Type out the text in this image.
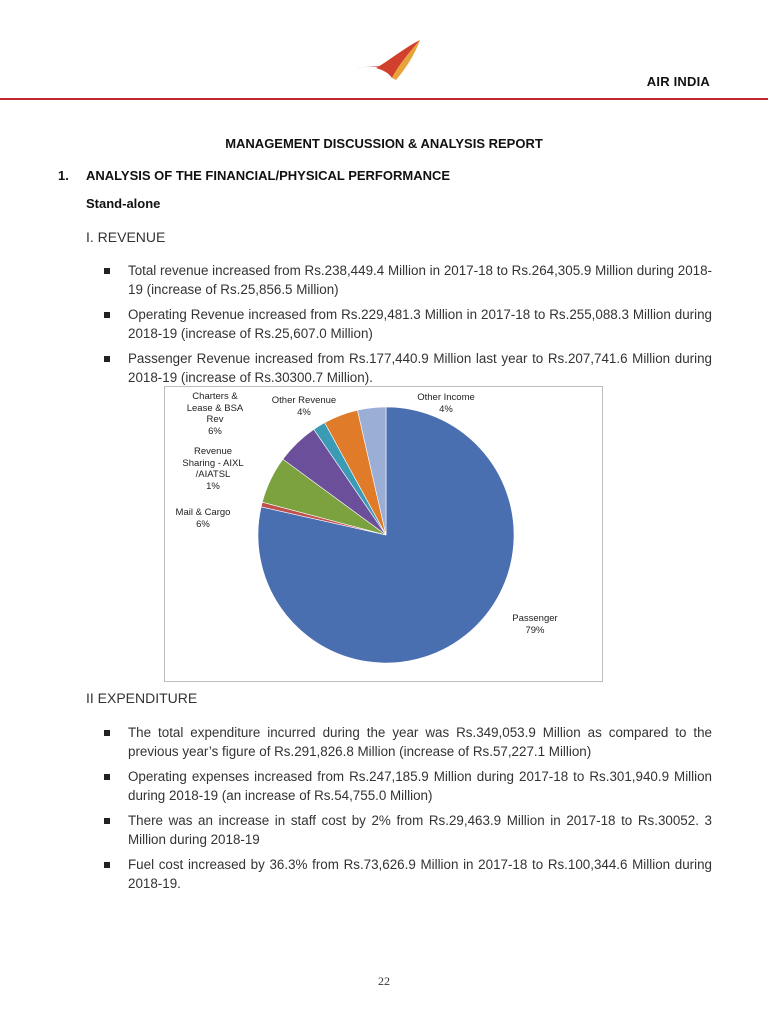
AIR INDIA
MANAGEMENT DISCUSSION & ANALYSIS REPORT
1. ANALYSIS OF THE FINANCIAL/PHYSICAL PERFORMANCE
Stand-alone
I. REVENUE
Total revenue increased from Rs.238,449.4 Million in 2017-18 to Rs.264,305.9 Million during 2018-19 (increase of Rs.25,856.5 Million)
Operating Revenue increased from Rs.229,481.3 Million in 2017-18 to Rs.255,088.3 Million during 2018-19 (increase of Rs.25,607.0 Million)
Passenger Revenue increased from Rs.177,440.9 Million last year to Rs.207,741.6 Million during 2018-19 (increase of Rs.30300.7 Million).
Passenger
79%
Mail & Cargo
6%
Charters &
Lease & BSA
Rev
6%
Revenue
Sharing - AIXL
/AIATSL
1%
Other Revenue
4%
Other Income
4%
II EXPENDITURE
The total expenditure incurred during the year was Rs.349,053.9 Million as compared to the previous year’s figure of Rs.291,826.8 Million (increase of Rs.57,227.1 Million)
Operating expenses increased from Rs.247,185.9 Million during 2017-18 to Rs.301,940.9 Million during 2018-19 (an increase of Rs.54,755.0 Million)
There was an increase in staff cost by 2% from Rs.29,463.9 Million in 2017-18 to Rs.30052. 3 Million during 2018-19
Fuel cost increased by 36.3% from Rs.73,626.9 Million in 2017-18 to Rs.100,344.6 Million during 2018-19.
22
